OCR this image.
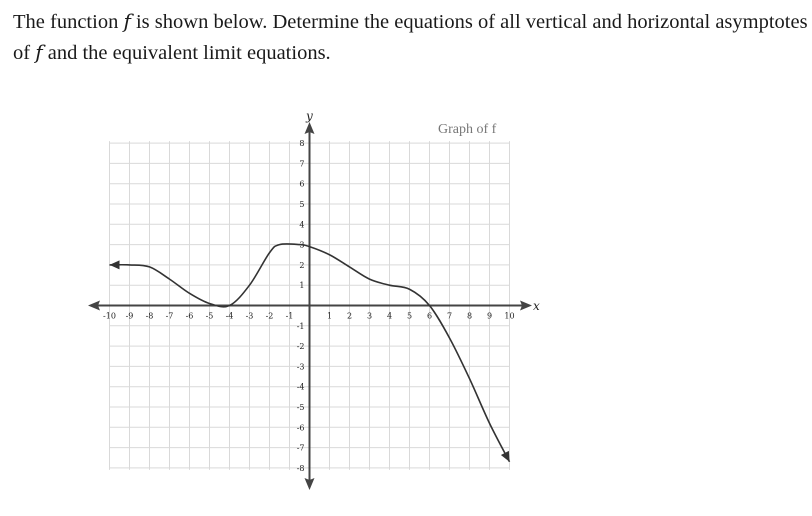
The function f is shown below. Determine the equations of all vertical and horizontal asymptotes of f and the equivalent limit equations.
-10 -9 -8 -7 -6 -5 -4 -3 -2 -1	1 2 3 4 5 6 7 8 9 10
8
7
6
5
4
3
2
1
-1
-2
-3
-4
-5
-6
-7
-8
y
x
Graph of f
